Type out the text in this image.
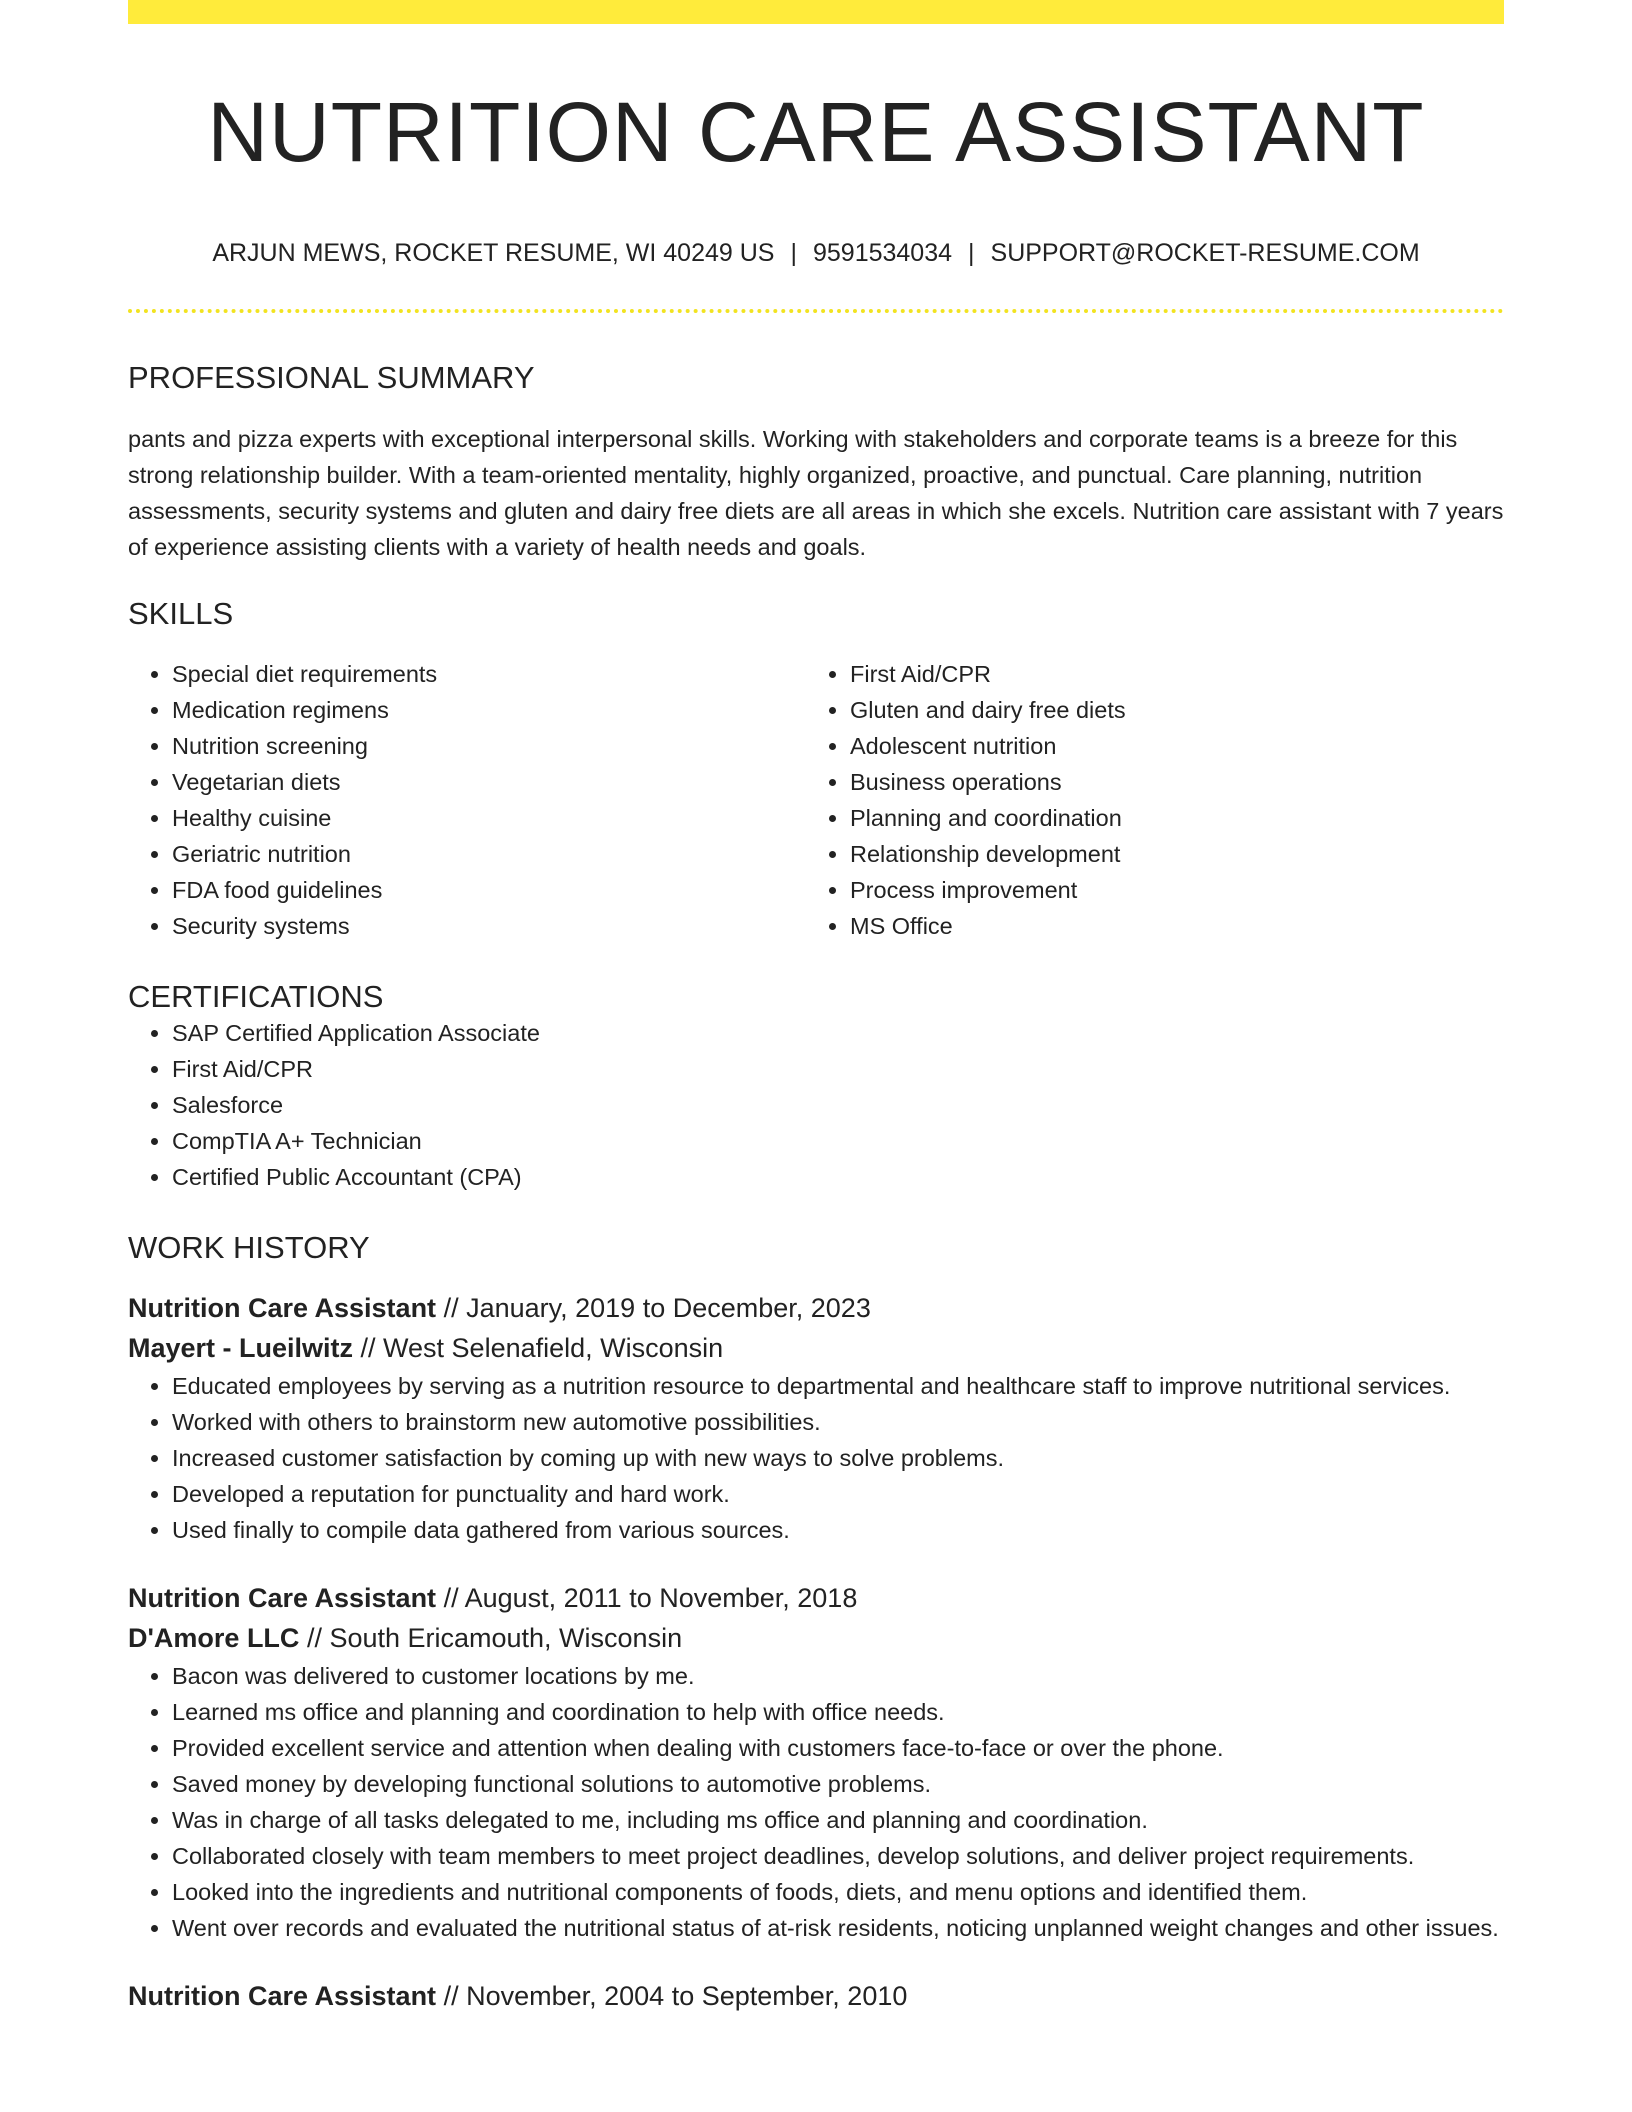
NUTRITION CARE ASSISTANT
ARJUN MEWS, ROCKET RESUME, WI 40249 US | 9591534034 | SUPPORT@ROCKET-RESUME.COM
PROFESSIONAL SUMMARY
pants and pizza experts with exceptional interpersonal skills. Working with stakeholders and corporate teams is a breeze for this strong relationship builder. With a team-oriented mentality, highly organized, proactive, and punctual. Care planning, nutrition assessments, security systems and gluten and dairy free diets are all areas in which she excels. Nutrition care assistant with 7 years of experience assisting clients with a variety of health needs and goals.
SKILLS
• Special diet requirements
• Medication regimens
• Nutrition screening
• Vegetarian diets
• Healthy cuisine
• Geriatric nutrition
• FDA food guidelines
• Security systems
• First Aid/CPR
• Gluten and dairy free diets
• Adolescent nutrition
• Business operations
• Planning and coordination
• Relationship development
• Process improvement
• MS Office
CERTIFICATIONS
• SAP Certified Application Associate
• First Aid/CPR
• Salesforce
• CompTIA A+ Technician
• Certified Public Accountant (CPA)
WORK HISTORY
Nutrition Care Assistant // January, 2019 to December, 2023
Mayert - Lueilwitz // West Selenafield, Wisconsin
• Educated employees by serving as a nutrition resource to departmental and healthcare staff to improve nutritional services.
• Worked with others to brainstorm new automotive possibilities.
• Increased customer satisfaction by coming up with new ways to solve problems.
• Developed a reputation for punctuality and hard work.
• Used finally to compile data gathered from various sources.
Nutrition Care Assistant // August, 2011 to November, 2018
D'Amore LLC // South Ericamouth, Wisconsin
• Bacon was delivered to customer locations by me.
• Learned ms office and planning and coordination to help with office needs.
• Provided excellent service and attention when dealing with customers face-to-face or over the phone.
• Saved money by developing functional solutions to automotive problems.
• Was in charge of all tasks delegated to me, including ms office and planning and coordination.
• Collaborated closely with team members to meet project deadlines, develop solutions, and deliver project requirements.
• Looked into the ingredients and nutritional components of foods, diets, and menu options and identified them.
• Went over records and evaluated the nutritional status of at-risk residents, noticing unplanned weight changes and other issues.
Nutrition Care Assistant // November, 2004 to September, 2010
